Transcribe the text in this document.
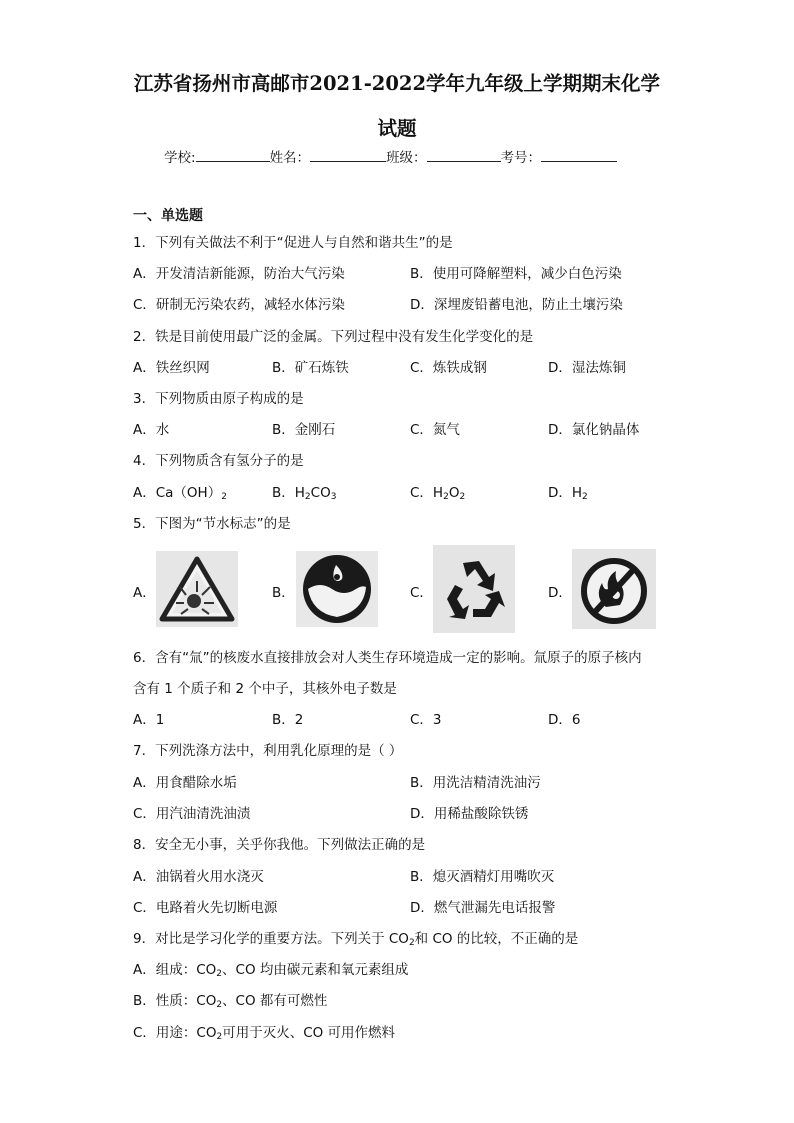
江苏省扬州市高邮市2021-2022学年九年级上学期期末化学
试题
学校:	姓名：	班级：	考号：
一、单选题
1．下列有关做法不利于“促进人与自然和谐共生”的是
A．开发清洁新能源，防治大气污染	B．使用可降解塑料，减少白色污染
C．研制无污染农药，减轻水体污染	D．深埋废铅蓄电池，防止土壤污染
2．铁是目前使用最广泛的金属。下列过程中没有发生化学变化的是
A．铁丝织网	B．矿石炼铁	C．炼铁成钢	D．湿法炼铜
3．下列物质由原子构成的是
A．水	B．金刚石	C．氮气	D．氯化钠晶体
4．下列物质含有氢分子的是
A．$Ca(OH)_2$	B．$H_2CO_3$	C．$H_2O_2$	D．$H_2$
5．下图为“节水标志”的是
A．	B．	C．	D．
6．含有“氚”的核废水直接排放会对人类生存环境造成一定的影响。氚原子的原子核内
含有 1 个质子和 2 个中子，其核外电子数是
A．1	B．2	C．3	D．6
7．下列洗涤方法中，利用乳化原理的是（ ）
A．用食醋除水垢	B．用洗洁精清洗油污
C．用汽油清洗油渍	D．用稀盐酸除铁锈
8．安全无小事，关乎你我他。下列做法正确的是
A．油锅着火用水浇灭	B．熄灭酒精灯用嘴吹灭
C．电路着火先切断电源	D．燃气泄漏先电话报警
9．对比是学习化学的重要方法。下列关于 $CO_2$和 CO 的比较，不正确的是
A．组成：$CO_2$、CO 均由碳元素和氧元素组成
B．性质：$CO_2$、CO 都有可燃性
C．用途：$CO_2$可用于灭火、CO 可用作燃料
